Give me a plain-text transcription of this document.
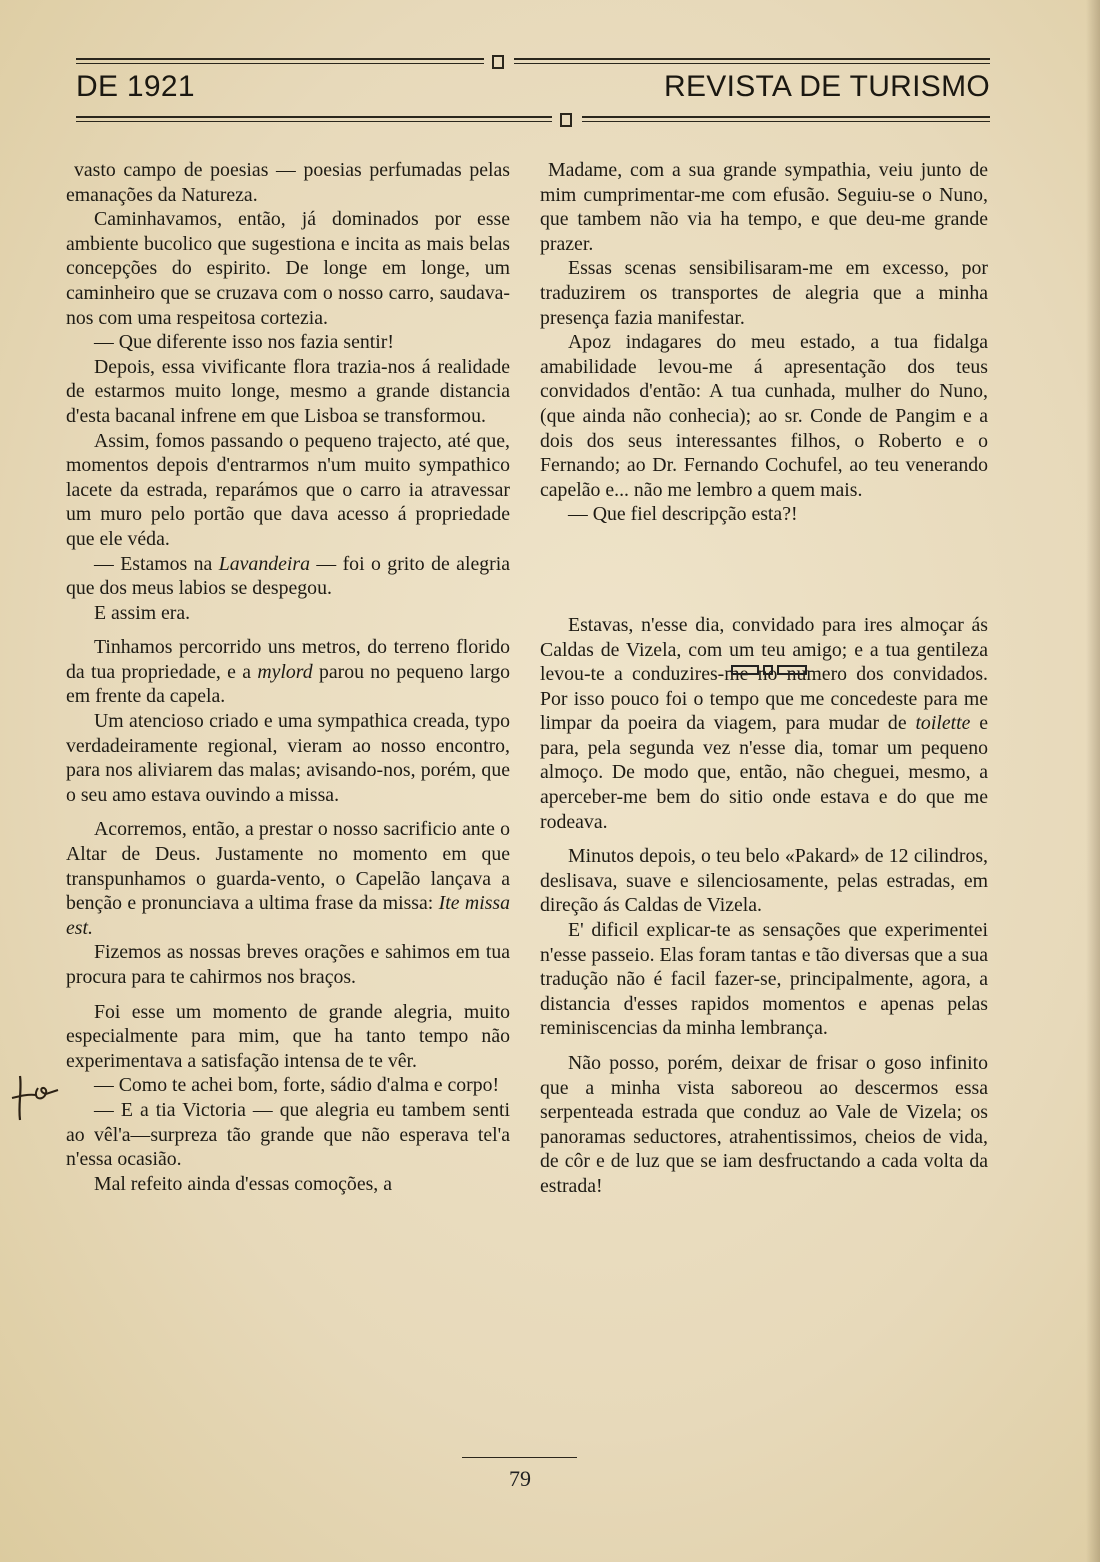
DE 1921	REVISTA DE TURISMO

vasto campo de poesias — poesias perfumadas pelas emanações da Natureza.

Caminhavamos, então, já dominados por esse ambiente bucolico que sugestiona e incita as mais belas concepções do espirito. De longe em longe, um caminheiro que se cruzava com o nosso carro, saudava-nos com uma respeitosa cortezia.

— Que diferente isso nos fazia sentir!

Depois, essa vivificante flora trazia-nos á realidade de estarmos muito longe, mesmo a grande distancia d'esta bacanal infrene em que Lisboa se transformou.

Assim, fomos passando o pequeno trajecto, até que, momentos depois d'entrarmos n'um muito sympathico lacete da estrada, reparámos que o carro ia atravessar um muro pelo portão que dava acesso á propriedade que ele véda.

— Estamos na Lavandeira — foi o grito de alegria que dos meus labios se despegou.

E assim era.

Tinhamos percorrido uns metros, do terreno florido da tua propriedade, e a mylord parou no pequeno largo em frente da capela.

Um atencioso criado e uma sympathica creada, typo verdadeiramente regional, vieram ao nosso encontro, para nos aliviarem das malas; avisando-nos, porém, que o seu amo estava ouvindo a missa.

Acorremos, então, a prestar o nosso sacrificio ante o Altar de Deus. Justamente no momento em que transpunhamos o guarda-vento, o Capelão lançava a benção e pronunciava a ultima frase da missa: Ite missa est.

Fizemos as nossas breves orações e sahimos em tua procura para te cahirmos nos braços.

Foi esse um momento de grande alegria, muito especialmente para mim, que ha tanto tempo não experimentava a satisfação intensa de te vêr.

— Como te achei bom, forte, sádio d'alma e corpo!

— E a tia Victoria — que alegria eu tambem senti ao vêl'a—surpreza tão grande que não esperava tel'a n'essa ocasião.

Mal refeito ainda d'essas comoções, a

Madame, com a sua grande sympathia, veiu junto de mim cumprimentar-me com efusão. Seguiu-se o Nuno, que tambem não via ha tempo, e que deu-me grande prazer.

Essas scenas sensibilisaram-me em excesso, por traduzirem os transportes de alegria que a minha presença fazia manifestar.

Apoz indagares do meu estado, a tua fidalga amabilidade levou-me á apresentação dos teus convidados d'então: A tua cunhada, mulher do Nuno, (que ainda não conhecia); ao sr. Conde de Pangim e a dois dos seus interessantes filhos, o Roberto e o Fernando; ao Dr. Fernando Cochufel, ao teu venerando capelão e... não me lembro a quem mais.

— Que fiel descripção esta?!

Estavas, n'esse dia, convidado para ires almoçar ás Caldas de Vizela, com um teu amigo; e a tua gentileza levou-te a conduzires-me no numero dos convidados. Por isso pouco foi o tempo que me concedeste para me limpar da poeira da viagem, para mudar de toilette e para, pela segunda vez n'esse dia, tomar um pequeno almoço. De modo que, então, não cheguei, mesmo, a aperceber-me bem do sitio onde estava e do que me rodeava.

Minutos depois, o teu belo «Pakard» de 12 cilindros, deslisava, suave e silenciosamente, pelas estradas, em direção ás Caldas de Vizela.

E' dificil explicar-te as sensações que experimentei n'esse passeio. Elas foram tantas e tão diversas que a sua tradução não é facil fazer-se, principalmente, agora, a distancia d'esses rapidos momentos e apenas pelas reminiscencias da minha lembrança.

Não posso, porém, deixar de frisar o goso infinito que a minha vista saboreou ao descermos essa serpenteada estrada que conduz ao Vale de Vizela; os panoramas seductores, atrahentissimos, cheios de vida, de côr e de luz que se iam desfructando a cada volta da estrada!

79
